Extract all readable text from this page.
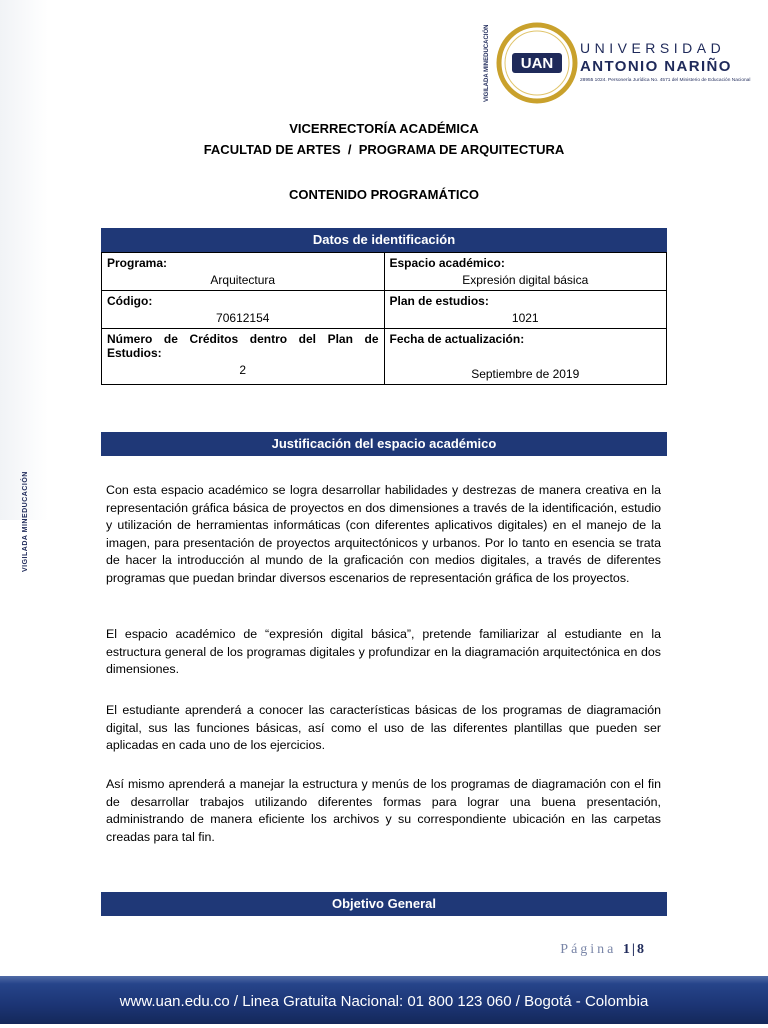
VIGILADA MINEDUCACIÓN
VIGILADA MINEDUCACIÓN UAN
UNIVERSIDAD
ANTONIO NARIÑO
28955 1024. Personería Jurídica No. 4571 del Ministerio de Educación Nacional
VICERRECTORÍA ACADÉMICA
FACULTAD DE ARTES  /  PROGRAMA DE ARQUITECTURA
CONTENIDO PROGRAMÁTICO
Datos de identificación
Programa:
Arquitectura	Espacio académico:
Expresión digital básica

Código:
70612154	Plan de estudios:
1021

Número de Créditos dentro del Plan de Estudios:
2	Fecha de actualización:
Septiembre de 2019
Justificación del espacio académico

Con esta espacio académico se logra desarrollar habilidades y destrezas de manera creativa en la representación gráfica básica de proyectos en dos dimensiones a través de la identificación, estudio y utilización de herramientas informáticas (con diferentes aplicativos digitales) en el manejo de la imagen, para presentación de proyectos arquitectónicos y urbanos. Por lo tanto en esencia se trata de hacer la introducción al mundo de la graficación con medios digitales, a través de diferentes programas que puedan brindar diversos escenarios de representación gráfica de los proyectos.

El espacio académico de “expresión digital básica”, pretende familiarizar al estudiante en la estructura general de los programas digitales y profundizar en la diagramación arquitectónica en dos dimensiones.

El estudiante aprenderá a conocer las características básicas de los programas de diagramación digital, sus las funciones básicas, así como el uso de las diferentes plantillas que pueden ser aplicadas en cada uno de los ejercicios.

Así mismo aprenderá a manejar la estructura y menús de los programas de diagramación con el fin de desarrollar trabajos utilizando diferentes formas para lograr una buena presentación, administrando de manera eficiente los archivos y su correspondiente ubicación en las carpetas creadas para tal fin.

Objetivo General
Página 1|8
www.uan.edu.co / Linea Gratuita Nacional: 01 800 123 060 / Bogotá - Colombia
